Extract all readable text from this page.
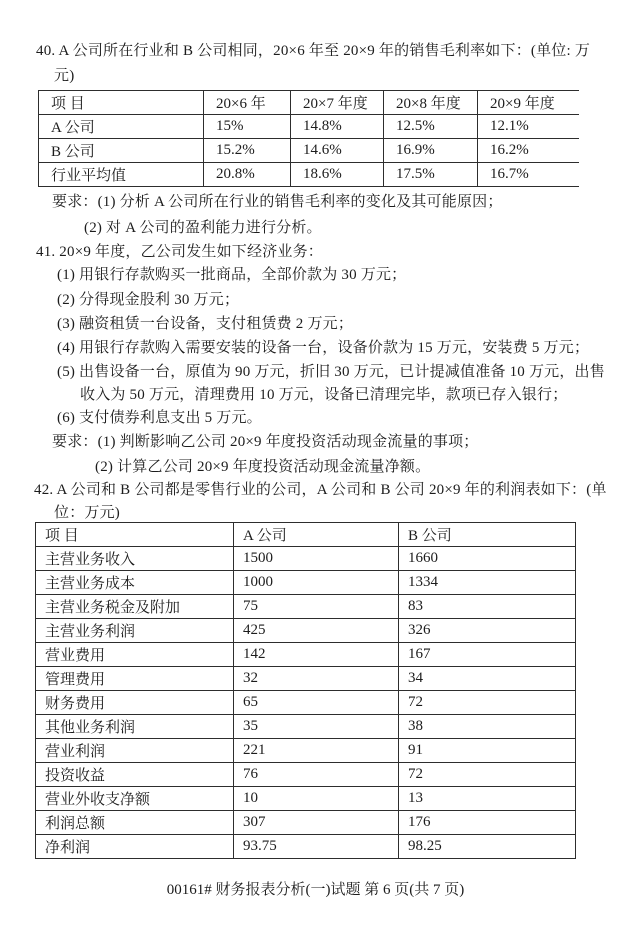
40. A 公司所在行业和 B 公司相同，20×6 年至 20×9 年的销售毛利率如下：(单位: 万
元)
项 目	20×6 年	20×7 年度	20×8 年度	20×9 年度
A 公司	15%	14.8%	12.5%	12.1%
B 公司	15.2%	14.6%	16.9%	16.2%
行业平均值	20.8%	18.6%	17.5%	16.7%
要求：(1) 分析 A 公司所在行业的销售毛利率的变化及其可能原因；
(2) 对 A 公司的盈利能力进行分析。
41. 20×9 年度，乙公司发生如下经济业务：
(1) 用银行存款购买一批商品，全部价款为 30 万元；
(2) 分得现金股利 30 万元；
(3) 融资租赁一台设备，支付租赁费 2 万元；
(4) 用银行存款购入需要安装的设备一台，设备价款为 15 万元，安装费 5 万元；
(5) 出售设备一台，原值为 90 万元，折旧 30 万元，已计提减值准备 10 万元，出售
收入为 50 万元，清理费用 10 万元，设备已清理完毕，款项已存入银行；
(6) 支付债券利息支出 5 万元。
要求：(1) 判断影响乙公司 20×9 年度投资活动现金流量的事项；
(2) 计算乙公司 20×9 年度投资活动现金流量净额。
42. A 公司和 B 公司都是零售行业的公司，A 公司和 B 公司 20×9 年的利润表如下：(单
位：万元)
项 目	A 公司	B 公司
主营业务收入	1500	1660
主营业务成本	1000	1334
主营业务税金及附加	75	83
主营业务利润	425	326
营业费用	142	167
管理费用	32	34
财务费用	65	72
其他业务利润	35	38
营业利润	221	91
投资收益	76	72
营业外收支净额	10	13
利润总额	307	176
净利润	93.75	98.25
00161# 财务报表分析(一)试题 第 6 页(共 7 页)
